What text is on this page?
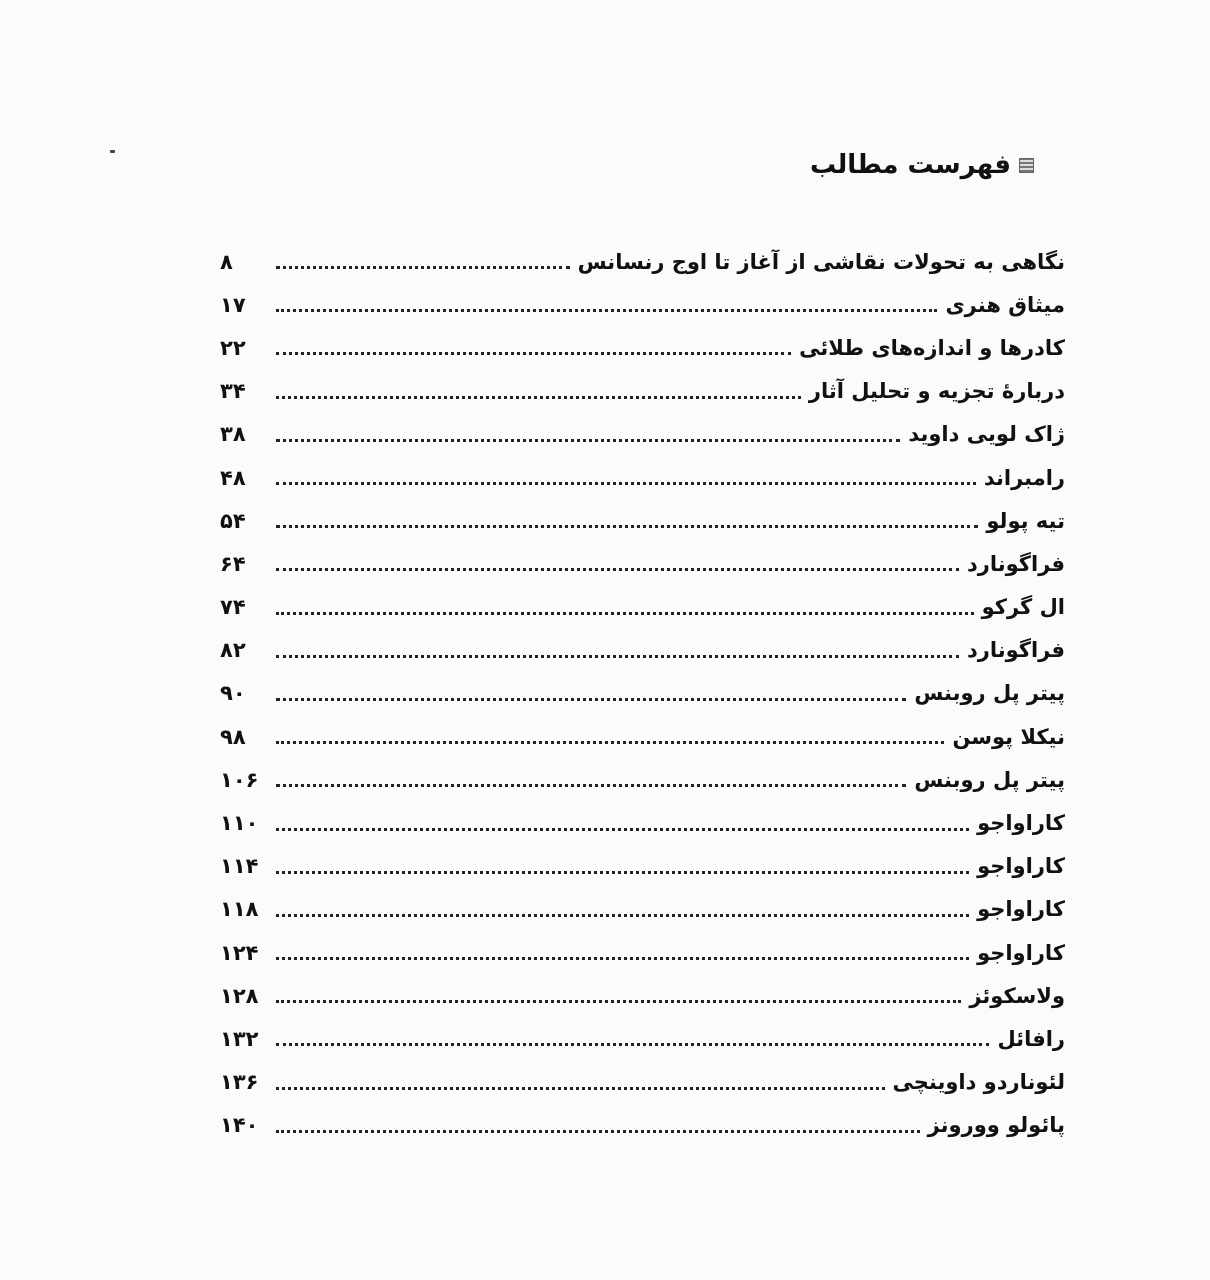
فهرست مطالب
نگاهی به تحولات نقاشی از آغاز تا اوج رنسانس
۸
میثاق هنری
۱۷
کادرها و اندازه‌های طلائی
۲۲
دربارهٔ تجزیه و تحلیل آثار
۳۴
ژاک لویی داوید
۳۸
رامبراند
۴۸
تیه پولو
۵۴
فراگونارد
۶۴
ال گرکو
۷۴
فراگونارد
۸۲
پیتر پل روبنس
۹۰
نیکلا پوسن
۹۸
پیتر پل روبنس
۱۰۶
کاراواجو
۱۱۰
کاراواجو
۱۱۴
کاراواجو
۱۱۸
کاراواجو
۱۲۴
ولاسکوئز
۱۲۸
رافائل
۱۳۲
لئوناردو داوینچی
۱۳۶
پائولو وورونز
۱۴۰
